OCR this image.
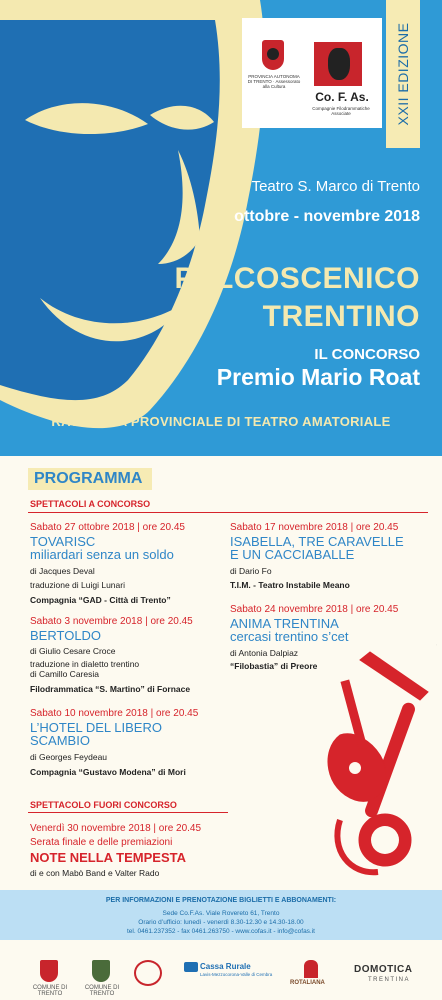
XXII EDIZIONE
PROVINCIA AUTONOMA DI TRENTO · Assessorato alla Cultura
Co. F. As.
Compagnie Filodrammatiche Associate
Teatro S. Marco di Trento
ottobre - novembre 2018
PALCOSCENICO
TRENTINO
IL CONCORSO
Premio Mario Roat
RASSEGNA PROVINCIALE DI TEATRO AMATORIALE
PROGRAMMA
SPETTACOLI A CONCORSO
Sabato 27 ottobre 2018 | ore 20.45
TOVARISC
miliardari senza un soldo
di Jacques Deval
traduzione di Luigi Lunari
Compagnia “GAD - Città di Trento”
Sabato 3 novembre 2018 | ore 20.45
BERTOLDO
di Giulio Cesare Croce
traduzione in dialetto trentino
di Camillo Caresia
Filodrammatica “S. Martino” di Fornace
Sabato 10 novembre 2018 | ore 20.45
L’HOTEL DEL LIBERO
SCAMBIO
di Georges Feydeau
Compagnia “Gustavo Modena” di Mori
Sabato 17 novembre 2018 | ore 20.45
ISABELLA, TRE CARAVELLE
E UN CACCIABALLE
di Dario Fo
T.I.M. - Teatro Instabile Meano
Sabato 24 novembre 2018 | ore 20.45
ANIMA TRENTINA
cercasi trentino s’cet
di Antonia Dalpiaz
“Filobastia” di Preore
SPETTACOLO FUORI CONCORSO
Venerdì 30 novembre 2018 | ore 20.45
Serata finale e delle premiazioni
NOTE NELLA TEMPESTA
di e con Mabò Band e Valter Rado
·
PER INFORMAZIONI E PRENOTAZIONE BIGLIETTI E ABBONAMENTI:
Sede Co.F.As. Viale Rovereto 61, Trento
Orario d’ufficio: lunedì - venerdì 8.30-12.30 e 14.30-18.00
tel. 0461.237352 - fax 0461.263750 - www.cofas.it - info@cofas.it
COMUNE DI TRENTO
COMUNE DI TRENTO
Cassa Rurale
Lavis-Mezzocorona-Valle di Cembra
ROTALIANA
DOMOTICA
TRENTINA
